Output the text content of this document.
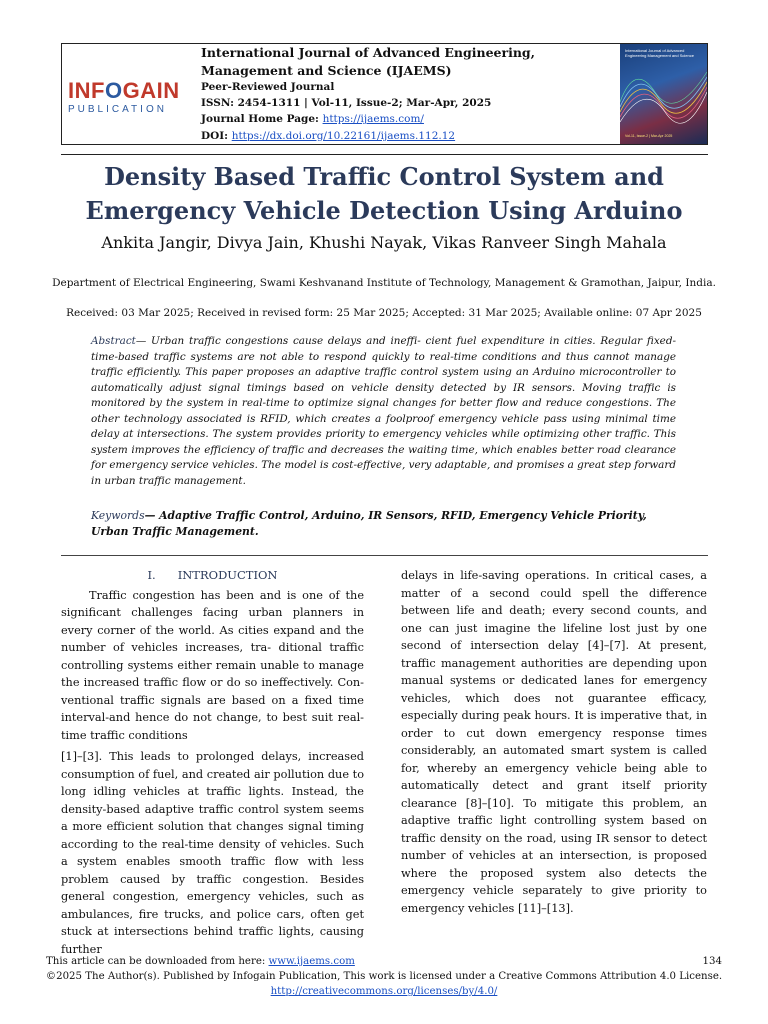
INFOGAIN
PUBLICATION
International Journal of Advanced Engineering, Management and Science (IJAEMS)
Peer-Reviewed Journal
ISSN: 2454-1311 | Vol-11, Issue-2; Mar-Apr, 2025
Journal Home Page: https://ijaems.com/
DOI: https://dx.doi.org/10.22161/ijaems.112.12
International Journal of Advanced Engineering Management and Science
Vol-11, Issue-2 | Mar-Apr 2025
Density Based Traffic Control System and Emergency Vehicle Detection Using Arduino
Ankita Jangir, Divya Jain, Khushi Nayak, Vikas Ranveer Singh Mahala
Department of Electrical Engineering, Swami Keshvanand Institute of Technology, Management & Gramothan, Jaipur, India.
Received: 03 Mar 2025; Received in revised form: 25 Mar 2025; Accepted: 31 Mar 2025; Available online: 07 Apr 2025
Abstract— Urban traffic congestions cause delays and ineffi- cient fuel expenditure in cities. Regular fixed-time-based traffic systems are not able to respond quickly to real-time conditions and thus cannot manage traffic efficiently. This paper proposes an adaptive traffic control system using an Arduino microcontroller to automatically adjust signal timings based on vehicle density detected by IR sensors. Moving traffic is monitored by the system in real-time to optimize signal changes for better flow and reduce congestions. The other technology associated is RFID, which creates a foolproof emergency vehicle pass using minimal time delay at intersections. The system provides priority to emergency vehicles while optimizing other traffic. This system improves the efficiency of traffic and decreases the waiting time, which enables better road clearance for emergency service vehicles. The model is cost-effective, very adaptable, and promises a great step forward in urban traffic management.
Keywords— Adaptive Traffic Control, Arduino, IR Sensors, RFID, Emergency Vehicle Priority, Urban Traffic Management.
I. INTRODUCTION

Traffic congestion has been and is one of the significant challenges facing urban planners in every corner of the world. As cities expand and the number of vehicles increases, tra- ditional traffic controlling systems either remain unable to manage the increased traffic flow or do so ineffectively. Con- ventional traffic signals are based on a fixed time interval-and hence do not change, to best suit real-time traffic conditions

[1]–[3]. This leads to prolonged delays, increased consumption of fuel, and created air pollution due to long idling vehicles at traffic lights. Instead, the density-based adaptive traffic control system seems a more efficient solution that changes signal timing according to the real-time density of vehicles. Such a system enables smooth traffic flow with less problem caused by traffic congestion. Besides general congestion, emergency vehicles, such as ambulances, fire trucks, and police cars, often get stuck at intersections behind traffic lights, causing further

delays in life-saving operations. In critical cases, a matter of a second could spell the difference between life and death; every second counts, and one can just imagine the lifeline lost just by one second of intersection delay [4]–[7]. At present, traffic management authorities are depending upon manual systems or dedicated lanes for emergency vehicles, which does not guarantee efficacy, especially during peak hours. It is imperative that, in order to cut down emergency response times considerably, an automated smart system is called for, whereby an emergency vehicle being able to automatically detect and grant itself priority clearance [8]–[10]. To mitigate this problem, an adaptive traffic light controlling system based on traffic density on the road, using IR sensor to detect number of vehicles at an intersection, is proposed where the proposed system also detects the emergency vehicle separately to give priority to emergency vehicles [11]–[13].

This article can be downloaded from here: www.ijaems.com	134
©2025 The Author(s). Published by Infogain Publication, This work is licensed under a Creative Commons Attribution 4.0 License.
http://creativecommons.org/licenses/by/4.0/
